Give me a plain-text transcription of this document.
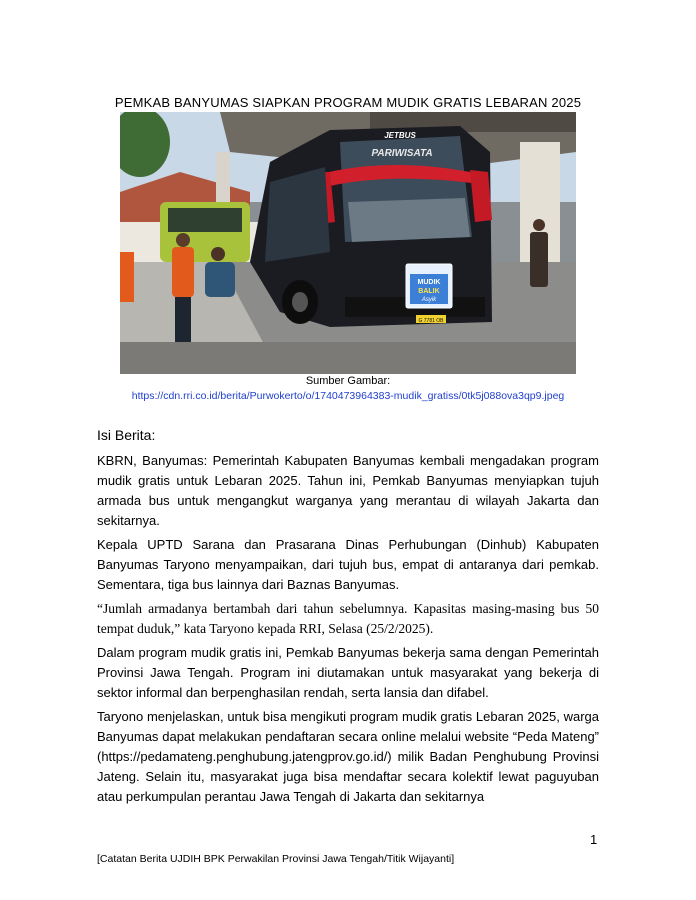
PEMKAB BANYUMAS SIAPKAN PROGRAM MUDIK GRATIS LEBARAN 2025
JETBUS
PARIWISATA
MUDIK
BALIK
Asyik
G 7781 OB
Sumber Gambar:
https://cdn.rri.co.id/berita/Purwokerto/o/1740473964383-mudik_gratiss/0tk5j088ova3qp9.jpeg

Isi Berita:

KBRN, Banyumas: Pemerintah Kabupaten Banyumas kembali mengadakan program mudik gratis untuk Lebaran 2025. Tahun ini, Pemkab Banyumas menyiapkan tujuh armada bus untuk mengangkut warganya yang merantau di wilayah Jakarta dan sekitarnya.

Kepala UPTD Sarana dan Prasarana Dinas Perhubungan (Dinhub) Kabupaten Banyumas Taryono menyampaikan, dari tujuh bus, empat di antaranya dari pemkab. Sementara, tiga bus lainnya dari Baznas Banyumas.

“Jumlah armadanya bertambah dari tahun sebelumnya. Kapasitas masing-masing bus 50 tempat duduk,” kata Taryono kepada RRI, Selasa (25/2/2025).

Dalam program mudik gratis ini, Pemkab Banyumas bekerja sama dengan Pemerintah Provinsi Jawa Tengah. Program ini diutamakan untuk masyarakat yang bekerja di sektor informal dan berpenghasilan rendah, serta lansia dan difabel.

Taryono menjelaskan, untuk bisa mengikuti program mudik gratis Lebaran 2025, warga Banyumas dapat melakukan pendaftaran secara online melalui website “Peda Mateng” (https://pedamateng.penghubung.jatengprov.go.id/) milik Badan Penghubung Provinsi Jateng. Selain itu, masyarakat juga bisa mendaftar secara kolektif lewat paguyuban atau perkumpulan perantau Jawa Tengah di Jakarta dan sekitarnya

1
[Catatan Berita UJDIH BPK Perwakilan Provinsi Jawa Tengah/Titik Wijayanti]
